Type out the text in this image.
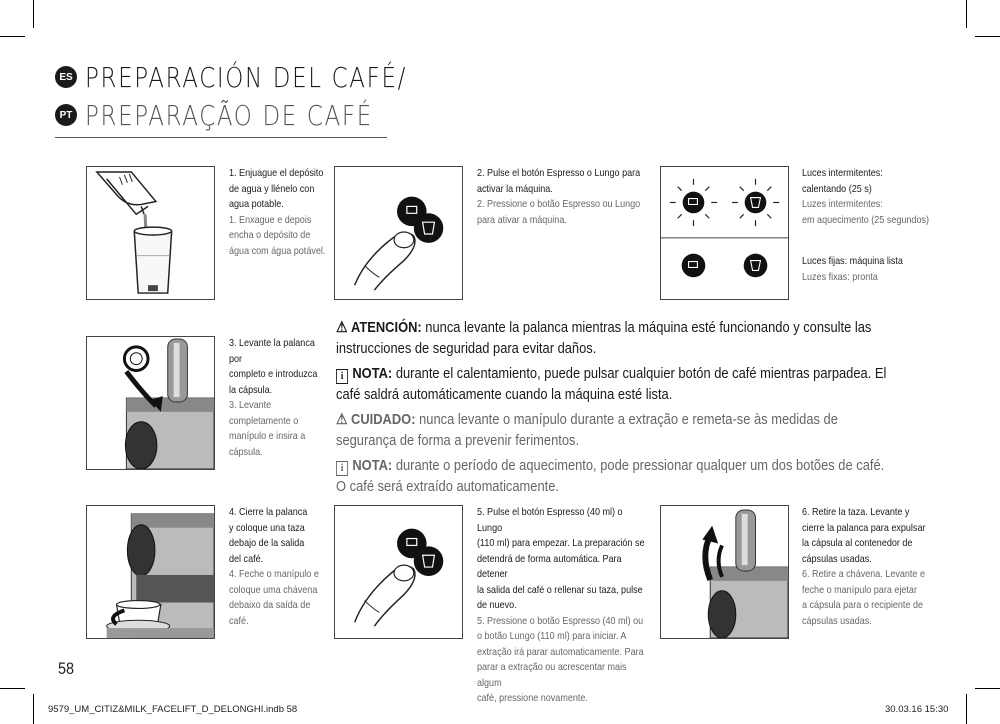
ES PREPARACIÓN DEL CAFÉ/
PT PREPARAÇÃO DE CAFÉ
1. Enjuague el depósito
de agua y llénelo con
agua potable.
1. Enxague e depois
encha o depósito de
água com água potável.
2. Pulse el botón Espresso o Lungo para
activar la máquina.
2. Pressione o botão Espresso ou Lungo
para ativar a máquina.
Luces intermitentes:
calentando (25 s)
Luzes intermitentes:
em aquecimento (25 segundos)
Luces fijas: máquina lista
Luzes fixas: pronta
3. Levante la palanca por
completo e introduzca
la cápsula.
3. Levante
completamente o
manípulo e insira a
cápsula.

⚠ ATENCIÓN: nunca levante la palanca mientras la máquina esté funcionando y consulte las instrucciones de seguridad para evitar daños.

i NOTA: durante el calentamiento, puede pulsar cualquier botón de café mientras parpadea. El café saldrá automáticamente cuando la máquina esté lista.

⚠ CUIDADO: nunca levante o manípulo durante a extração e remeta-se às medidas de segurança de forma a prevenir ferimentos.

i NOTA: durante o período de aquecimento, pode pressionar qualquer um dos botões de café. O café será extraído automaticamente.

4. Cierre la palanca
y coloque una taza
debajo de la salida
del café.
4. Feche o manípulo e
coloque uma chávena
debaixo da saída de café.
5. Pulse el botón Espresso (40 ml) o Lungo
(110 ml) para empezar. La preparación se
detendrá de forma automática. Para detener
la salida del café o rellenar su taza, pulse
de nuevo.
5. Pressione o botão Espresso (40 ml) ou
o botão Lungo (110 ml) para iniciar. A
extração irá parar automaticamente. Para
parar a extração ou acrescentar mais algum
café, pressione novamente.
6. Retire la taza. Levante y
cierre la palanca para expulsar
la cápsula al contenedor de
cápsulas usadas.
6. Retire a chávena. Levante e
feche o manípulo para ejetar
a cápsula para o recipiente de
cápsulas usadas.
58
9579_UM_CITIZ&MILK_FACELIFT_D_DELONGHI.indb 58	30.03.16 15:30
